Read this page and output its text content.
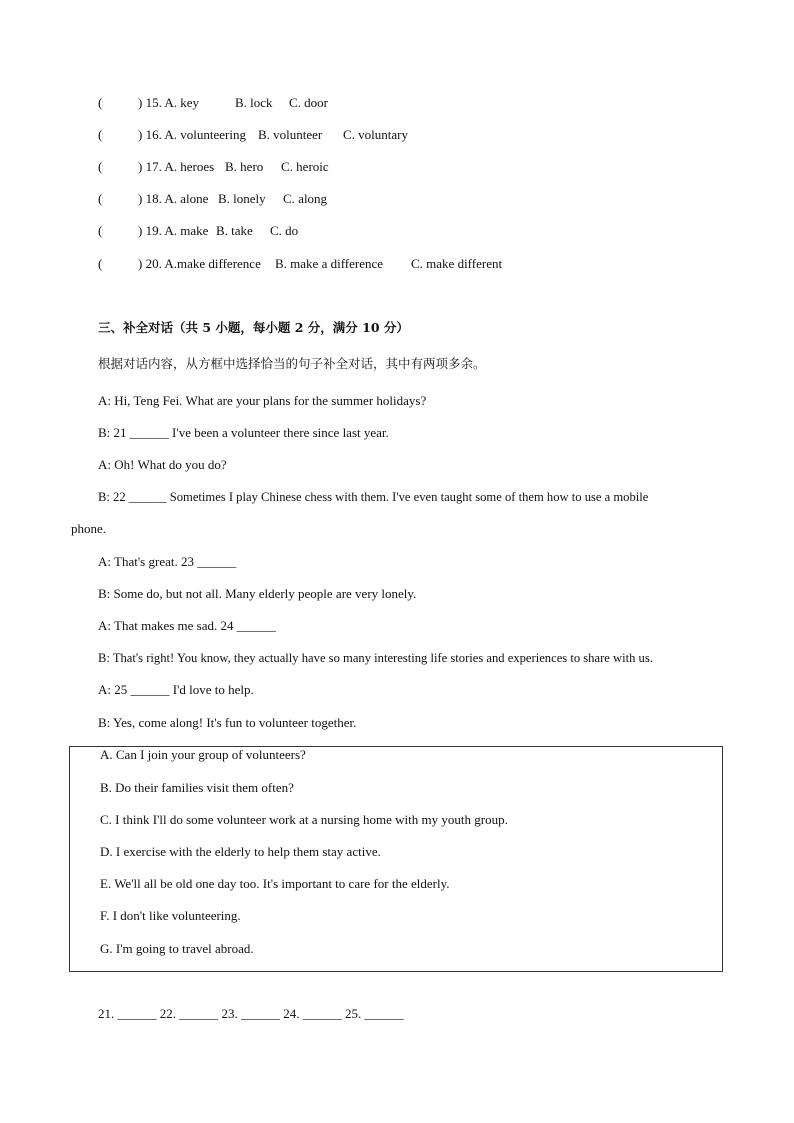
(	) 15. A. key	B. lock C. door
(	) 16. A. volunteering B. volunteer C. voluntary
(	) 17. A. heroes B. hero C. heroic
(	) 18. A. alone B. lonely C. along
(	) 19. A. make B. take C. do
(	) 20. A.make difference B. make a difference C. make different
三、补全对话（共 5 小题，每小题 2 分，满分 10 分）
根据对话内容，从方框中选择恰当的句子补全对话，其中有两项多余。
A: Hi, Teng Fei. What are your plans for the summer holidays?
B: 21 ______ I've been a volunteer there since last year.
A: Oh! What do you do?
B: 22 ______ Sometimes I play Chinese chess with them. I've even taught some of them how to use a mobile
phone.
A: That's great. 23 ______
B: Some do, but not all. Many elderly people are very lonely.
A: That makes me sad. 24 ______
B: That's right! You know, they actually have so many interesting life stories and experiences to share with us.
A: 25 ______ I'd love to help.
B: Yes, come along! It's fun to volunteer together.
A. Can I join your group of volunteers?
B. Do their families visit them often?
C. I think I'll do some volunteer work at a nursing home with my youth group.
D. I exercise with the elderly to help them stay active.
E. We'll all be old one day too. It's important to care for the elderly.
F. I don't like volunteering.
G. I'm going to travel abroad.
21. ______ 22. ______ 23. ______ 24. ______ 25. ______
